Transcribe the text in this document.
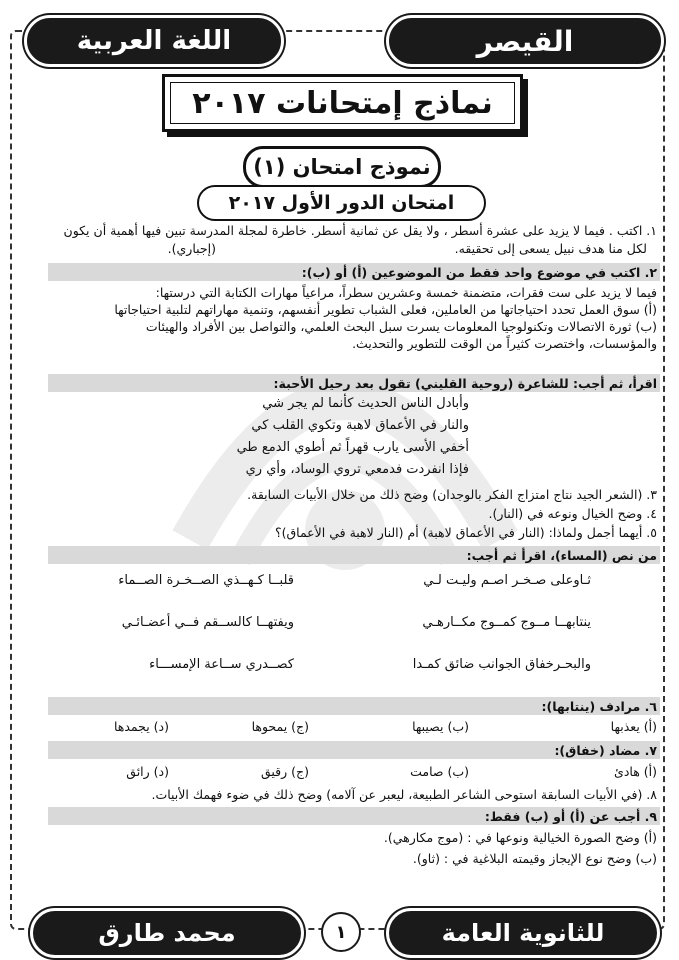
القيصر
اللغة العربية
نماذج إمتحانات ٢٠١٧
نموذج امتحان (١)
امتحان الدور الأول ٢٠١٧
١. اكتب . فيما لا يزيد على عشرة أسطر ، ولا يقل عن ثمانية أسطر. خاطرة لمجلة المدرسة تبين فيها أهمية أن يكون
لكل منا هدف نبيل يسعى إلى تحقيقه.
(إجباري).
٢. اكتب في موضوع واحد فقط من الموضوعين (أ) أو (ب):
فيما لا يزيد على ست فقرات، متضمنة خمسة وعشرين سطراً، مراعياً مهارات الكتابة التي درستها:
(أ) سوق العمل تحدد احتياجاتها من العاملين، فعلى الشباب تطوير أنفسهم، وتنمية مهاراتهم لتلبية احتياجاتها
(ب) ثورة الاتصالات وتكنولوجيا المعلومات يسرت سبل البحث العلمي، والتواصل بين الأفراد والهيئات
والمؤسسات، واختصرت كثيراً من الوقت للتطوير والتحديث.
اقرأ، ثم أجب: للشاعرة (روحية القليني) تقول بعد رحيل الأحبة:
وأبادل الناس الحديث كأنما لم يجر شي
والنار في الأعماق لاهبة وتكوي القلب كي
أخفي الأسى يارب قهراً ثم أطوي الدمع طي
فإذا انفردت فدمعي تروي الوساد، وأي ري
٣. (الشعر الجيد نتاج امتزاج الفكر بالوجدان) وضح ذلك من خلال الأبيات السابقة.
٤. وضح الخيال ونوعه في (النار).
٥. أيهما أجمل ولماذا: (النار في الأعماق لاهبة) أم (النار لاهبة في الأعماق)؟
من نص (المساء)، اقرأ ثم أجب:
ثـاوعلى صـخـر اصـم وليـت لـي
قلبــا كـهــذي الصــخـرة الصــماء
ينتابهــا مــوج كمــوج مكــارهـي
ويفتهــا كالســقم فــي أعضـائـي
والبحـرخفاق الجوانب ضائق كمـدا
كصــدري ســاعة الإمســـاء
٦. مرادف (ينتابها):
(أ) يعذبها
(ب) يصيبها
(ج) يمحوها
(د) يجمدها
٧. مضاد (خفاق):
(أ) هادئ
(ب) صامت
(ج) رقيق
(د) رائق
٨. (في الأبيات السابقة استوحى الشاعر الطبيعة، ليعبر عن آلامه) وضح ذلك في ضوء فهمك الأبيات.
٩. أجب عن (أ) أو (ب) فقط:
(أ) وضح الصورة الخيالية ونوعها في : (موج مكارهي).
(ب) وضح نوع الإيجاز وقيمته البلاغية في : (ثاو).
للثانوية العامة
محمد طارق	١
